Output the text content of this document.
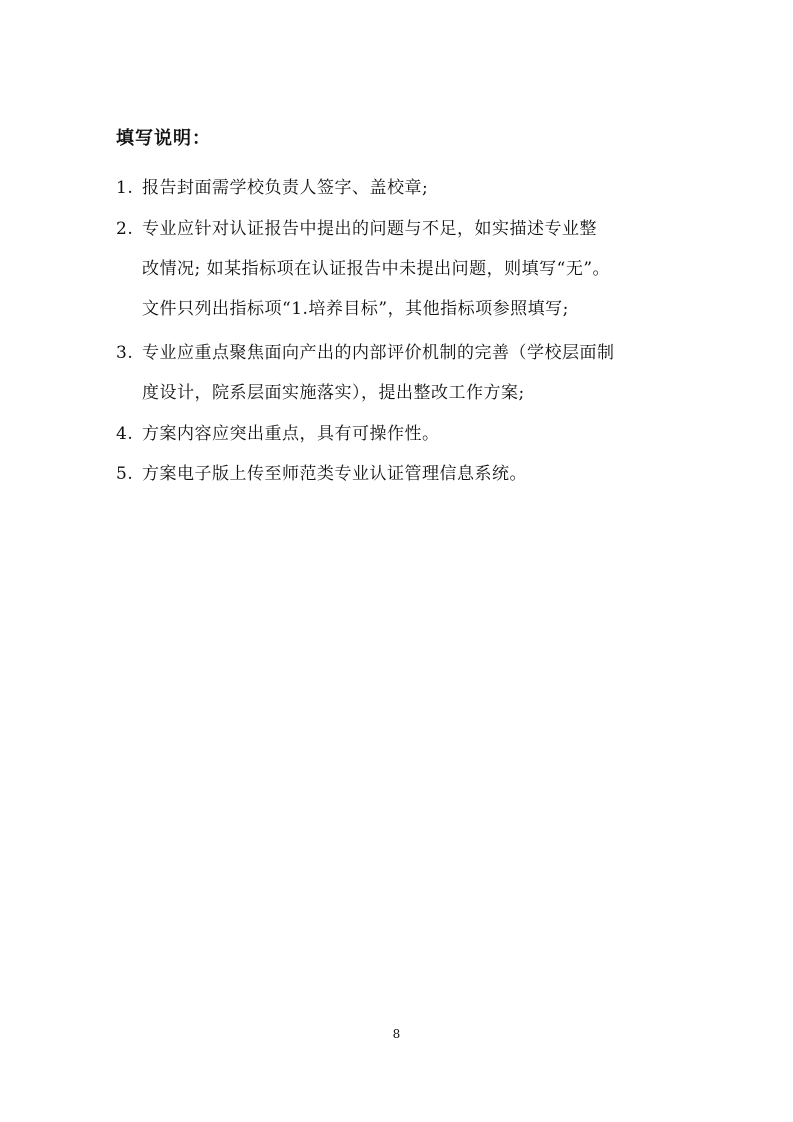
填写说明：
1. 报告封面需学校负责人签字、盖校章;
2. 专业应针对认证报告中提出的问题与不足，如实描述专业整
改情况; 如某指标项在认证报告中未提出问题，则填写“无”。
文件只列出指标项“1.培养目标”，其他指标项参照填写;
3. 专业应重点聚焦面向产出的内部评价机制的完善（学校层面制
度设计，院系层面实施落实），提出整改工作方案;
4. 方案内容应突出重点，具有可操作性。
5. 方案电子版上传至师范类专业认证管理信息系统。
8
